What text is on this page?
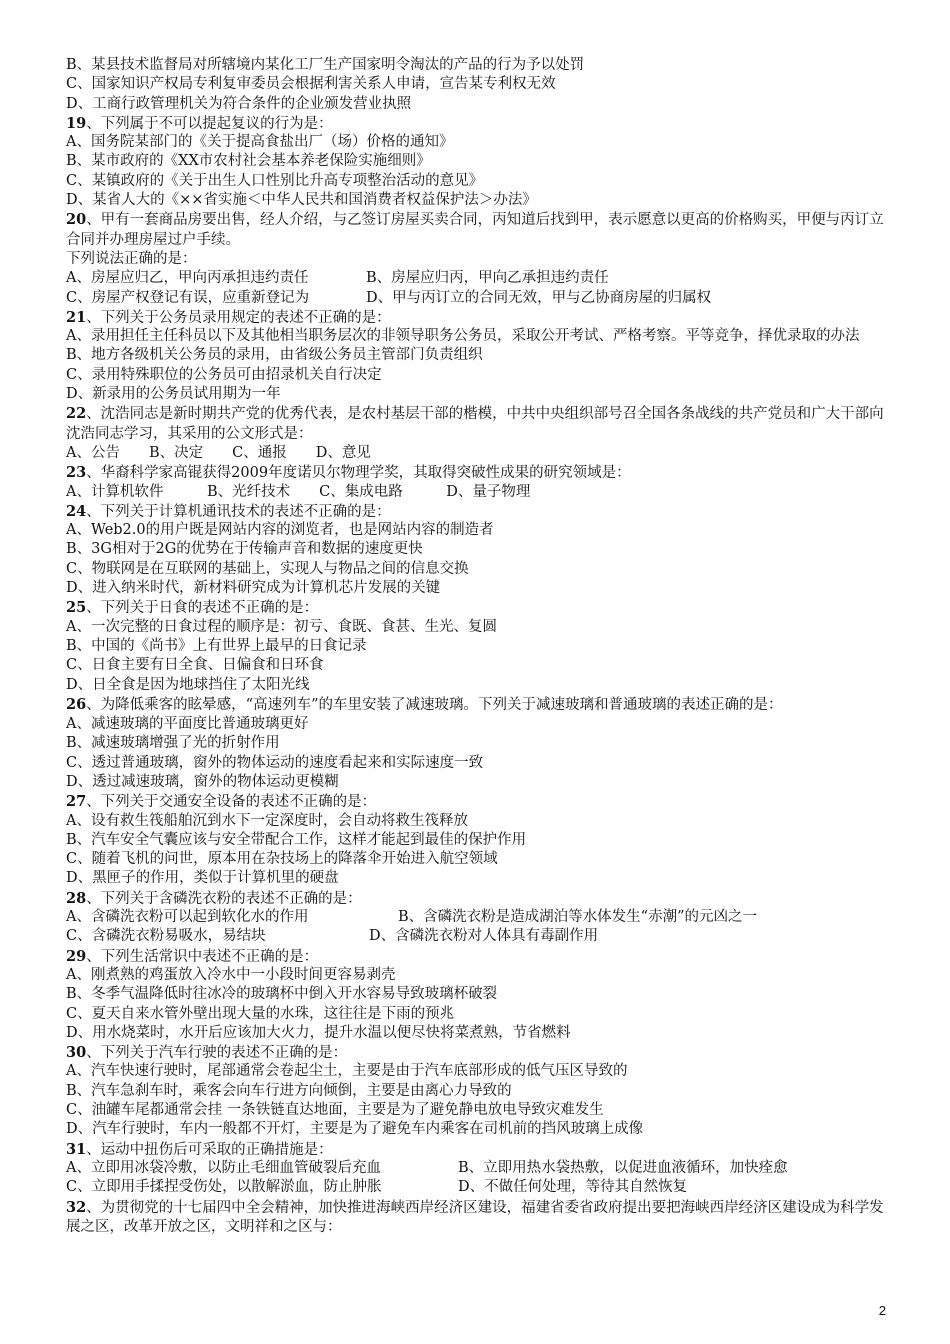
B、某县技术监督局对所辖境内某化工厂生产国家明令淘汰的产品的行为予以处罚
C、国家知识产权局专利复审委员会根据利害关系人申请，宣告某专利权无效
D、工商行政管理机关为符合条件的企业颁发营业执照
19、下列属于不可以提起复议的行为是：
A、国务院某部门的《关于提高食盐出厂（场）价格的通知》
B、某市政府的《XX市农村社会基本养老保险实施细则》
C、某镇政府的《关于出生人口性别比升高专项整治活动的意见》
D、某省人大的《××省实施＜中华人民共和国消费者权益保护法＞办法》
20、甲有一套商品房要出售，经人介绍，与乙签订房屋买卖合同，丙知道后找到甲，表示愿意以更高的价格购买，甲便与丙订立合同并办理房屋过户手续。
下列说法正确的是：
A、房屋应归乙，甲向丙承担违约责任	B、房屋应归丙，甲向乙承担违约责任
C、房屋产权登记有误，应重新登记为	D、甲与丙订立的合同无效，甲与乙协商房屋的归属权
21、下列关于公务员录用规定的表述不正确的是：
A、录用担任主任科员以下及其他相当职务层次的非领导职务公务员，采取公开考试、严格考察。平等竞争，择优录取的办法
B、地方各级机关公务员的录用，由省级公务员主管部门负责组织
C、录用特殊职位的公务员可由招录机关自行决定
D、新录用的公务员试用期为一年
22、沈浩同志是新时期共产党的优秀代表，是农村基层干部的楷模，中共中央组织部号召全国各条战线的共产党员和广大干部向沈浩同志学习，其采用的公文形式是：
A、公告　　B、决定　　C、通报　　D、意见
23、华裔科学家高锟获得2009年度诺贝尔物理学奖，其取得突破性成果的研究领域是：
A、计算机软件　　　B、光纤技术　　C、集成电路　　　D、量子物理
24、下列关于计算机通讯技术的表述不正确的是：
A、Web2.0的用户既是网站内容的浏览者，也是网站内容的制造者
B、3G相对于2G的优势在于传输声音和数据的速度更快
C、物联网是在互联网的基础上，实现人与物品之间的信息交换
D、进入纳米时代，新材料研究成为计算机芯片发展的关键
25、下列关于日食的表述不正确的是：
A、一次完整的日食过程的顺序是：初亏、食既、食甚、生光、复圆
B、中国的《尚书》上有世界上最早的日食记录
C、日食主要有日全食、日偏食和日环食
D、日全食是因为地球挡住了太阳光线
26、为降低乘客的眩晕感，“高速列车”的车里安装了减速玻璃。下列关于减速玻璃和普通玻璃的表述正确的是：
A、减速玻璃的平面度比普通玻璃更好
B、减速玻璃增强了光的折射作用
C、透过普通玻璃，窗外的物体运动的速度看起来和实际速度一致
D、透过减速玻璃，窗外的物体运动更模糊
27、下列关于交通安全设备的表述不正确的是：
A、设有救生筏船舶沉到水下一定深度时，会自动将救生筏释放
B、汽车安全气囊应该与安全带配合工作，这样才能起到最佳的保护作用
C、随着飞机的问世，原本用在杂技场上的降落伞开始进入航空领域
D、黑匣子的作用，类似于计算机里的硬盘
28、下列关于含磷洗衣粉的表述不正确的是：
A、含磷洗衣粉可以起到软化水的作用	B、含磷洗衣粉是造成湖泊等水体发生“赤潮”的元凶之一
C、含磷洗衣粉易吸水，易结块	D、含磷洗衣粉对人体具有毒副作用
29、下列生活常识中表述不正确的是：
A、刚煮熟的鸡蛋放入冷水中一小段时间更容易剥壳
B、冬季气温降低时往冰冷的玻璃杯中倒入开水容易导致玻璃杯破裂
C、夏天自来水管外壁出现大量的水珠，这往往是下雨的预兆
D、用水烧菜时，水开后应该加大火力，提升水温以便尽快将菜煮熟，节省燃料
30、下列关于汽车行驶的表述不正确的是：
A、汽车快速行驶时，尾部通常会卷起尘土，主要是由于汽车底部形成的低气压区导致的
B、汽车急刹车时，乘客会向车行进方向倾倒，主要是由离心力导致的
C、油罐车尾都通常会挂 一条铁链直达地面，主要是为了避免静电放电导致灾难发生
D、汽车行驶时，车内一般都不开灯，主要是为了避免车内乘客在司机前的挡风玻璃上成像
31、运动中扭伤后可采取的正确措施是：
A、立即用冰袋冷敷，以防止毛细血管破裂后充血	B、立即用热水袋热敷，以促进血液循环，加快痊愈
C、立即用手揉捏受伤处，以散解淤血，防止肿胀	D、不做任何处理，等待其自然恢复
32、为贯彻党的十七届四中全会精神，加快推进海峡西岸经济区建设，福建省委省政府提出要把海峡西岸经济区建设成为科学发展之区，改革开放之区，文明祥和之区与：
2
